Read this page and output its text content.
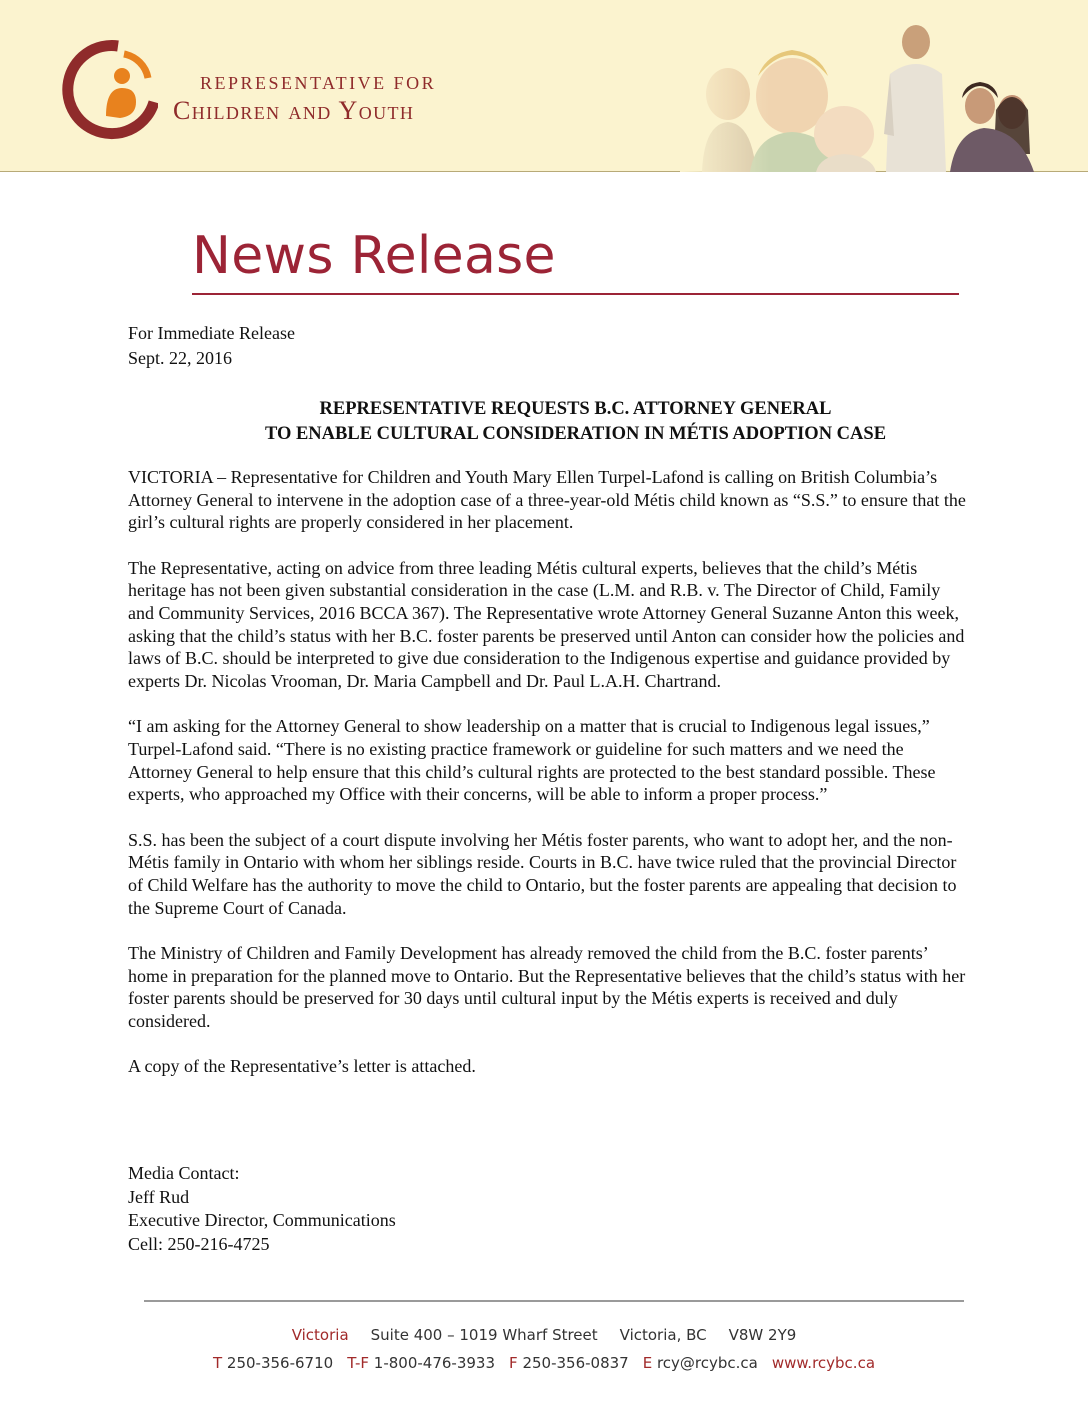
REPRESENTATIVE FOR
Children and Youth
News Release
For Immediate Release
Sept. 22, 2016
REPRESENTATIVE REQUESTS B.C. ATTORNEY GENERAL
TO ENABLE CULTURAL CONSIDERATION IN MÉTIS ADOPTION CASE

VICTORIA – Representative for Children and Youth Mary Ellen Turpel-Lafond is calling on British Columbia’s Attorney General to intervene in the adoption case of a three-year-old Métis child known as “S.S.” to ensure that the girl’s cultural rights are properly considered in her placement.

The Representative, acting on advice from three leading Métis cultural experts, believes that the child’s Métis heritage has not been given substantial consideration in the case (L.M. and R.B. v. The Director of Child, Family and Community Services, 2016 BCCA 367). The Representative wrote Attorney General Suzanne Anton this week, asking that the child’s status with her B.C. foster parents be preserved until Anton can consider how the policies and laws of B.C. should be interpreted to give due consideration to the Indigenous expertise and guidance provided by experts Dr. Nicolas Vrooman, Dr. Maria Campbell and Dr. Paul L.A.H. Chartrand.

“I am asking for the Attorney General to show leadership on a matter that is crucial to Indigenous legal issues,” Turpel-Lafond said. “There is no existing practice framework or guideline for such matters and we need the Attorney General to help ensure that this child’s cultural rights are protected to the best standard possible. These experts, who approached my Office with their concerns, will be able to inform a proper process.”

S.S. has been the subject of a court dispute involving her Métis foster parents, who want to adopt her, and the non-Métis family in Ontario with whom her siblings reside. Courts in B.C. have twice ruled that the provincial Director of Child Welfare has the authority to move the child to Ontario, but the foster parents are appealing that decision to the Supreme Court of Canada.

The Ministry of Children and Family Development has already removed the child from the B.C. foster parents’ home in preparation for the planned move to Ontario. But the Representative believes that the child’s status with her foster parents should be preserved for 30 days until cultural input by the Métis experts is received and duly considered.

A copy of the Representative’s letter is attached.

Media Contact:
Jeff Rud
Executive Director, Communications
Cell: 250-216-4725
Victoria Suite 400 – 1019 Wharf Street Victoria, BC V8W 2Y9
T 250-356-6710 T-F 1-800-476-3933 F 250-356-0837 E rcy@rcybc.ca www.rcybc.ca
